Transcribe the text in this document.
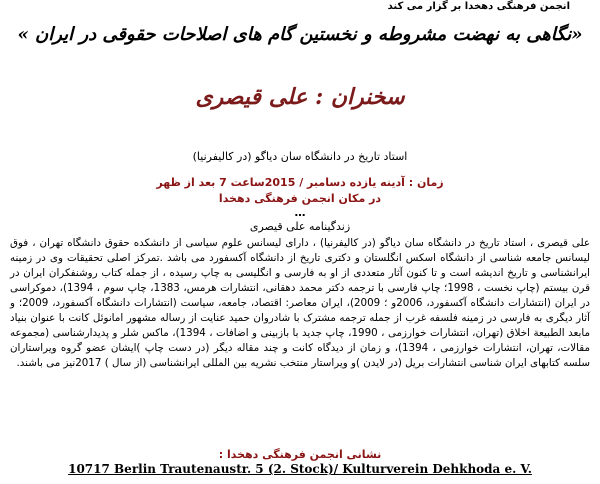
انجمن فرهنگی دهخدا بر گزار می کند
«نگاهی به نهضت مشروطه و نخستین گام های اصلاحات حقوقی در ایران »
سخنران : علی قیصری
استاد تاریخ در دانشگاه سان دیاگو (در کالیفرنیا)
زمان : آدینه یازده دسامبر / 2015ساعت 7 بعد از ظهر
در مکان انجمن فرهنگی دهخدا
…
زندگینامه علی قیصری

علی قیصری ، استاد تاریخ در دانشگاه سان دیاگو (در کالیفرنیا) ، دارای لیسانس علوم سیاسی از دانشکده حقوق دانشگاه تهران ، فوق لیسانس جامعه شناسی از دانشگاه اسکس انگلستان و دکتری تاریخ از دانشگاه آکسفورد می باشد .تمرکز اصلی تحقیقات وی در زمینه ایرانشناسی و تاریخ اندیشه است و تا کنون آثار متعددی از او به فارسی و انگلیسی به چاپ رسیده ، از جمله کتاب روشنفکران ایران در قرن بیستم (چاپ نخست ، 1998؛ چاپ فارسی با ترجمه دکتر محمد دهقانی، انتشارات هرمس، 1383، چاپ سوم ، 1394)، دموکراسی در ایران (انتشارات دانشگاه آکسفورد، 2006و ؛ 2009)، ایران معاصر: اقتصاد، جامعه، سیاست (انتشارات دانشگاه آکسفورد، 2009؛ و آثار دیگری به فارسی در زمینه فلسفه غرب از جمله ترجمه مشترک با شادروان حمید عنایت از رساله مشهور امانوئل کانت با عنوان بنیاد مابعد الطبیعة اخلاق (تهران، انتشارات خوارزمی ، 1990، چاپ جدید با بازبینی و اضافات ، 1394)، ماکس شلر و پدیدارشناسی (مجموعه مقالات، تهران، انتشارات خوارزمی ، 1394)، و زمان از دیدگاه کانت و چند مقاله دیگر (در دست چاپ )ایشان عضو گروه ویراستاران سلسه کتابهای ایران شناسی انتشارات بریل (در لایدن )و ویراستار منتخب نشریه بین المللی ایرانشناسی (از سال ) 2017نیز می باشند.

نشانی انجمن فرهنگی دهخدا :
10717 Berlin Trautenaustr. 5 (2. Stock)/ Kulturverein Dehkhoda e. V.
